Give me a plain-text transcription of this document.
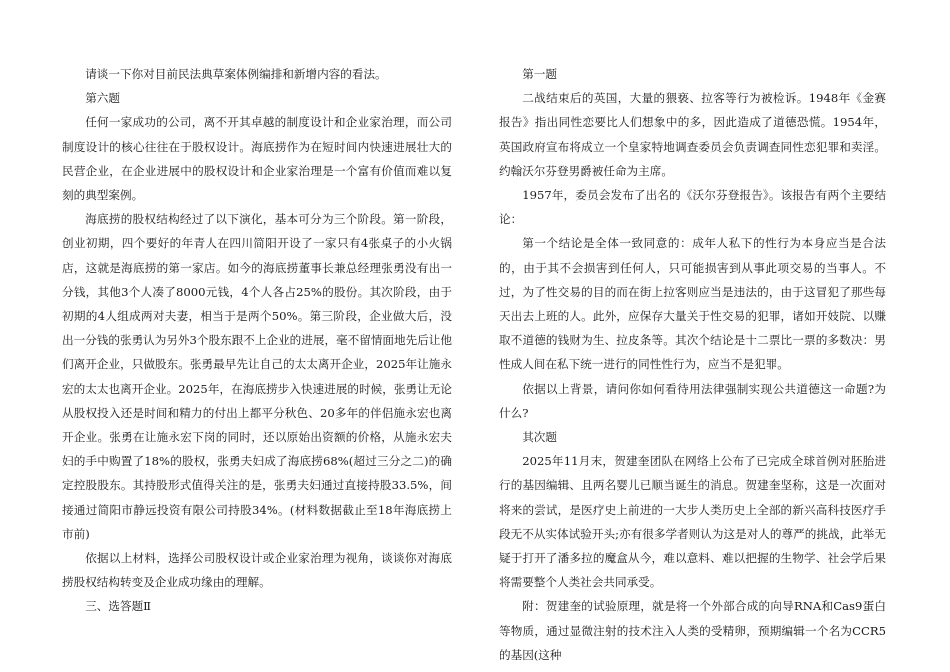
请谈一下你对目前民法典草案体例编排和新增内容的看法。

第六题

任何一家成功的公司，离不开其卓越的制度设计和企业家治理，而公司制度设计的核心往往在于股权设计。海底捞作为在短时间内快速进展壮大的民营企业，在企业进展中的股权设计和企业家治理是一个富有价值而难以复刻的典型案例。

海底捞的股权结构经过了以下演化，基本可分为三个阶段。第一阶段，创业初期，四个要好的年青人在四川简阳开设了一家只有4张桌子的小火锅店，这就是海底捞的第一家店。如今的海底捞董事长兼总经理张勇没有出一分钱，其他3个人凑了8000元钱，4个人各占25%的股份。其次阶段，由于初期的4人组成两对夫妻，相当于是两个50%。第三阶段，企业做大后，没出一分钱的张勇认为另外3个股东跟不上企业的进展，毫不留情面地先后让他们离开企业，只做股东。张勇最早先让自己的太太离开企业，2025年让施永宏的太太也离开企业。2025年，在海底捞步入快速进展的时候，张勇让无论从股权投入还是时间和精力的付出上都平分秋色、20多年的伴侣施永宏也离开企业。张勇在让施永宏下岗的同时，还以原始出资额的价格，从施永宏夫妇的手中购置了18%的股权，张勇夫妇成了海底捞68%(超过三分之二)的确定控股股东。其持股形式值得关注的是，张勇夫妇通过直接持股33.5%，间接通过简阳市静远投资有限公司持股34%。(材料数据截止至18年海底捞上市前)

依据以上材料，选择公司股权设计或企业家治理为视角，谈谈你对海底捞股权结构转变及企业成功缘由的理解。

三、选答题Ⅱ

第一题

二战结束后的英国，大量的猥亵、拉客等行为被检诉。1948年《金赛报告》指出同性恋要比人们想象中的多，因此造成了道德恐慌。1954年，英国政府宣布将成立一个皇家特地调查委员会负责调查同性恋犯罪和卖淫。约翰沃尔芬登男爵被任命为主席。

1957年，委员会发布了出名的《沃尔芬登报告》。该报告有两个主要结论：

第一个结论是全体一致同意的：成年人私下的性行为本身应当是合法的，由于其不会损害到任何人，只可能损害到从事此项交易的当事人。不过，为了性交易的目的而在街上拉客则应当是违法的，由于这冒犯了那些每天出去上班的人。此外，应保存大量关于性交易的犯罪，诸如开妓院、以赚取不道德的钱财为生、拉皮条等。其次个结论是十二票比一票的多数决：男性成人间在私下统一进行的同性性行为，应当不是犯罪。

依据以上背景，请问你如何看待用法律强制实现公共道德这一命题?为什么?

其次题

2025年11月末，贺建奎团队在网络上公布了已完成全球首例对胚胎进行的基因编辑、且两名婴儿已顺当诞生的消息。贺建奎坚称，这是一次面对将来的尝试，是医疗史上前进的一大步人类历史上全部的新兴高科技医疗手段无不从实体试验开头;亦有很多学者则认为这是对人的尊严的挑战，此举无疑于打开了潘多拉的魔盒从今，难以意料、难以把握的生物学、社会学后果将需要整个人类社会共同承受。

附：贺建奎的试验原理，就是将一个外部合成的向导RNA和Cas9蛋白等物质，通过显微注射的技术注入人类的受精卵，预期编辑一个名为CCR5的基因(这种
